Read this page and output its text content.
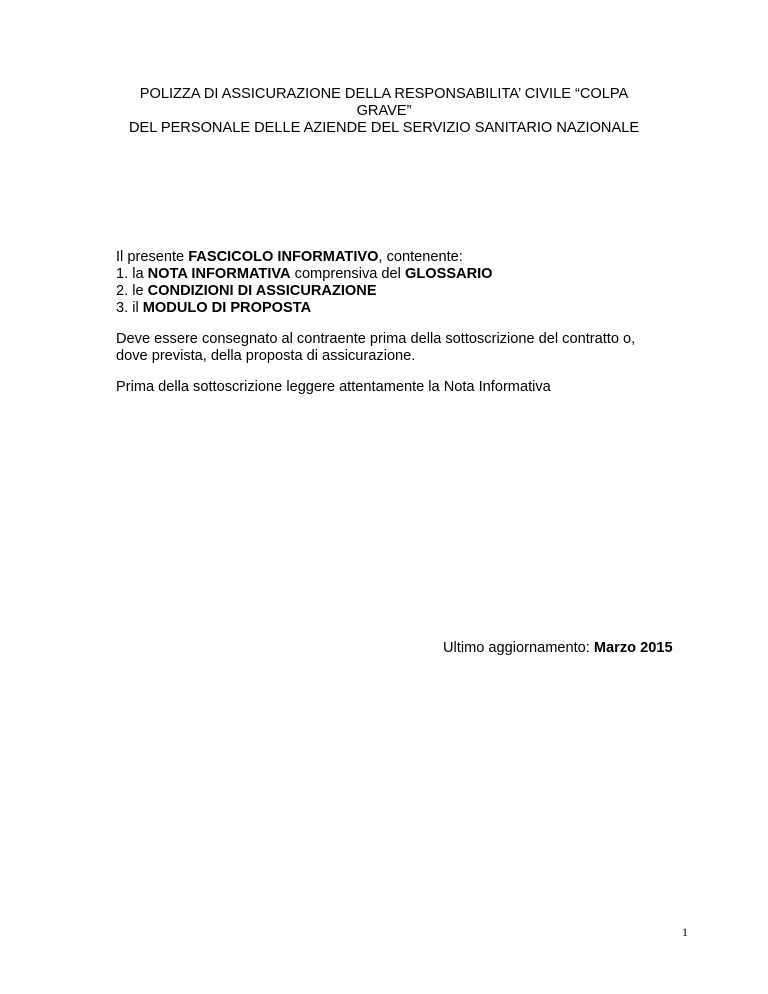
POLIZZA DI ASSICURAZIONE DELLA RESPONSABILITA’ CIVILE “COLPA
GRAVE”
DEL PERSONALE DELLE AZIENDE DEL SERVIZIO SANITARIO NAZIONALE

Il presente FASCICOLO INFORMATIVO, contenente:

1. la NOTA INFORMATIVA comprensiva del GLOSSARIO

2. le CONDIZIONI DI ASSICURAZIONE

3. il MODULO DI PROPOSTA

Deve essere consegnato al contraente prima della sottoscrizione del contratto o,

dove prevista, della proposta di assicurazione.

Prima della sottoscrizione leggere attentamente la Nota Informativa

Ultimo aggiornamento: Marzo 2015
1
